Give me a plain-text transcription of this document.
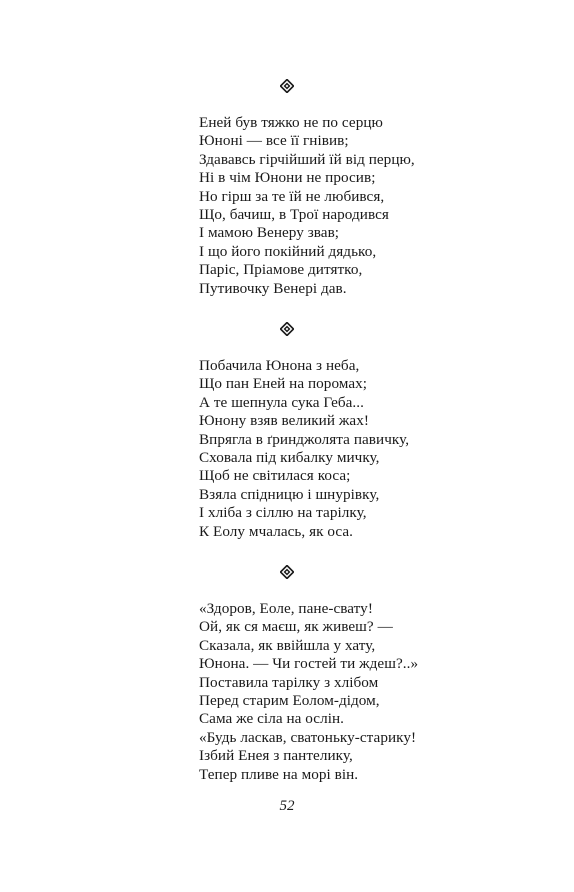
Еней був тяжко не по серцю
Юноні — все її гнівив;
Здававсь гірчійший їй від перцю,
Ні в чім Юнони не просив;
Но гірш за те їй не любився,
Що, бачиш, в Трої народився
І мамою Венеру звав;
І що його покійний дядько,
Паріс, Пріамове дитятко,
Путивочку Венері дав.
Побачила Юнона з неба,
Що пан Еней на поромах;
А те шепнула сука Геба...
Юнону взяв великий жах!
Впрягла в ґринджолята павичку,
Сховала під кибалку мичку,
Щоб не світилася коса;
Взяла спідницю і шнурівку,
І хліба з сіллю на тарілку,
К Еолу мчалась, як оса.
«Здоров, Еоле, пане-свату!
Ой, як ся маєш, як живеш? —
Сказала, як ввійшла у хату,
Юнона. — Чи гостей ти ждеш?..»
Поставила тарілку з хлібом
Перед старим Еолом-дідом,
Сама же сіла на ослін.
«Будь ласкав, сватоньку-старику!
Ізбий Енея з пантелику,
Тепер пливе на морі він.
52
